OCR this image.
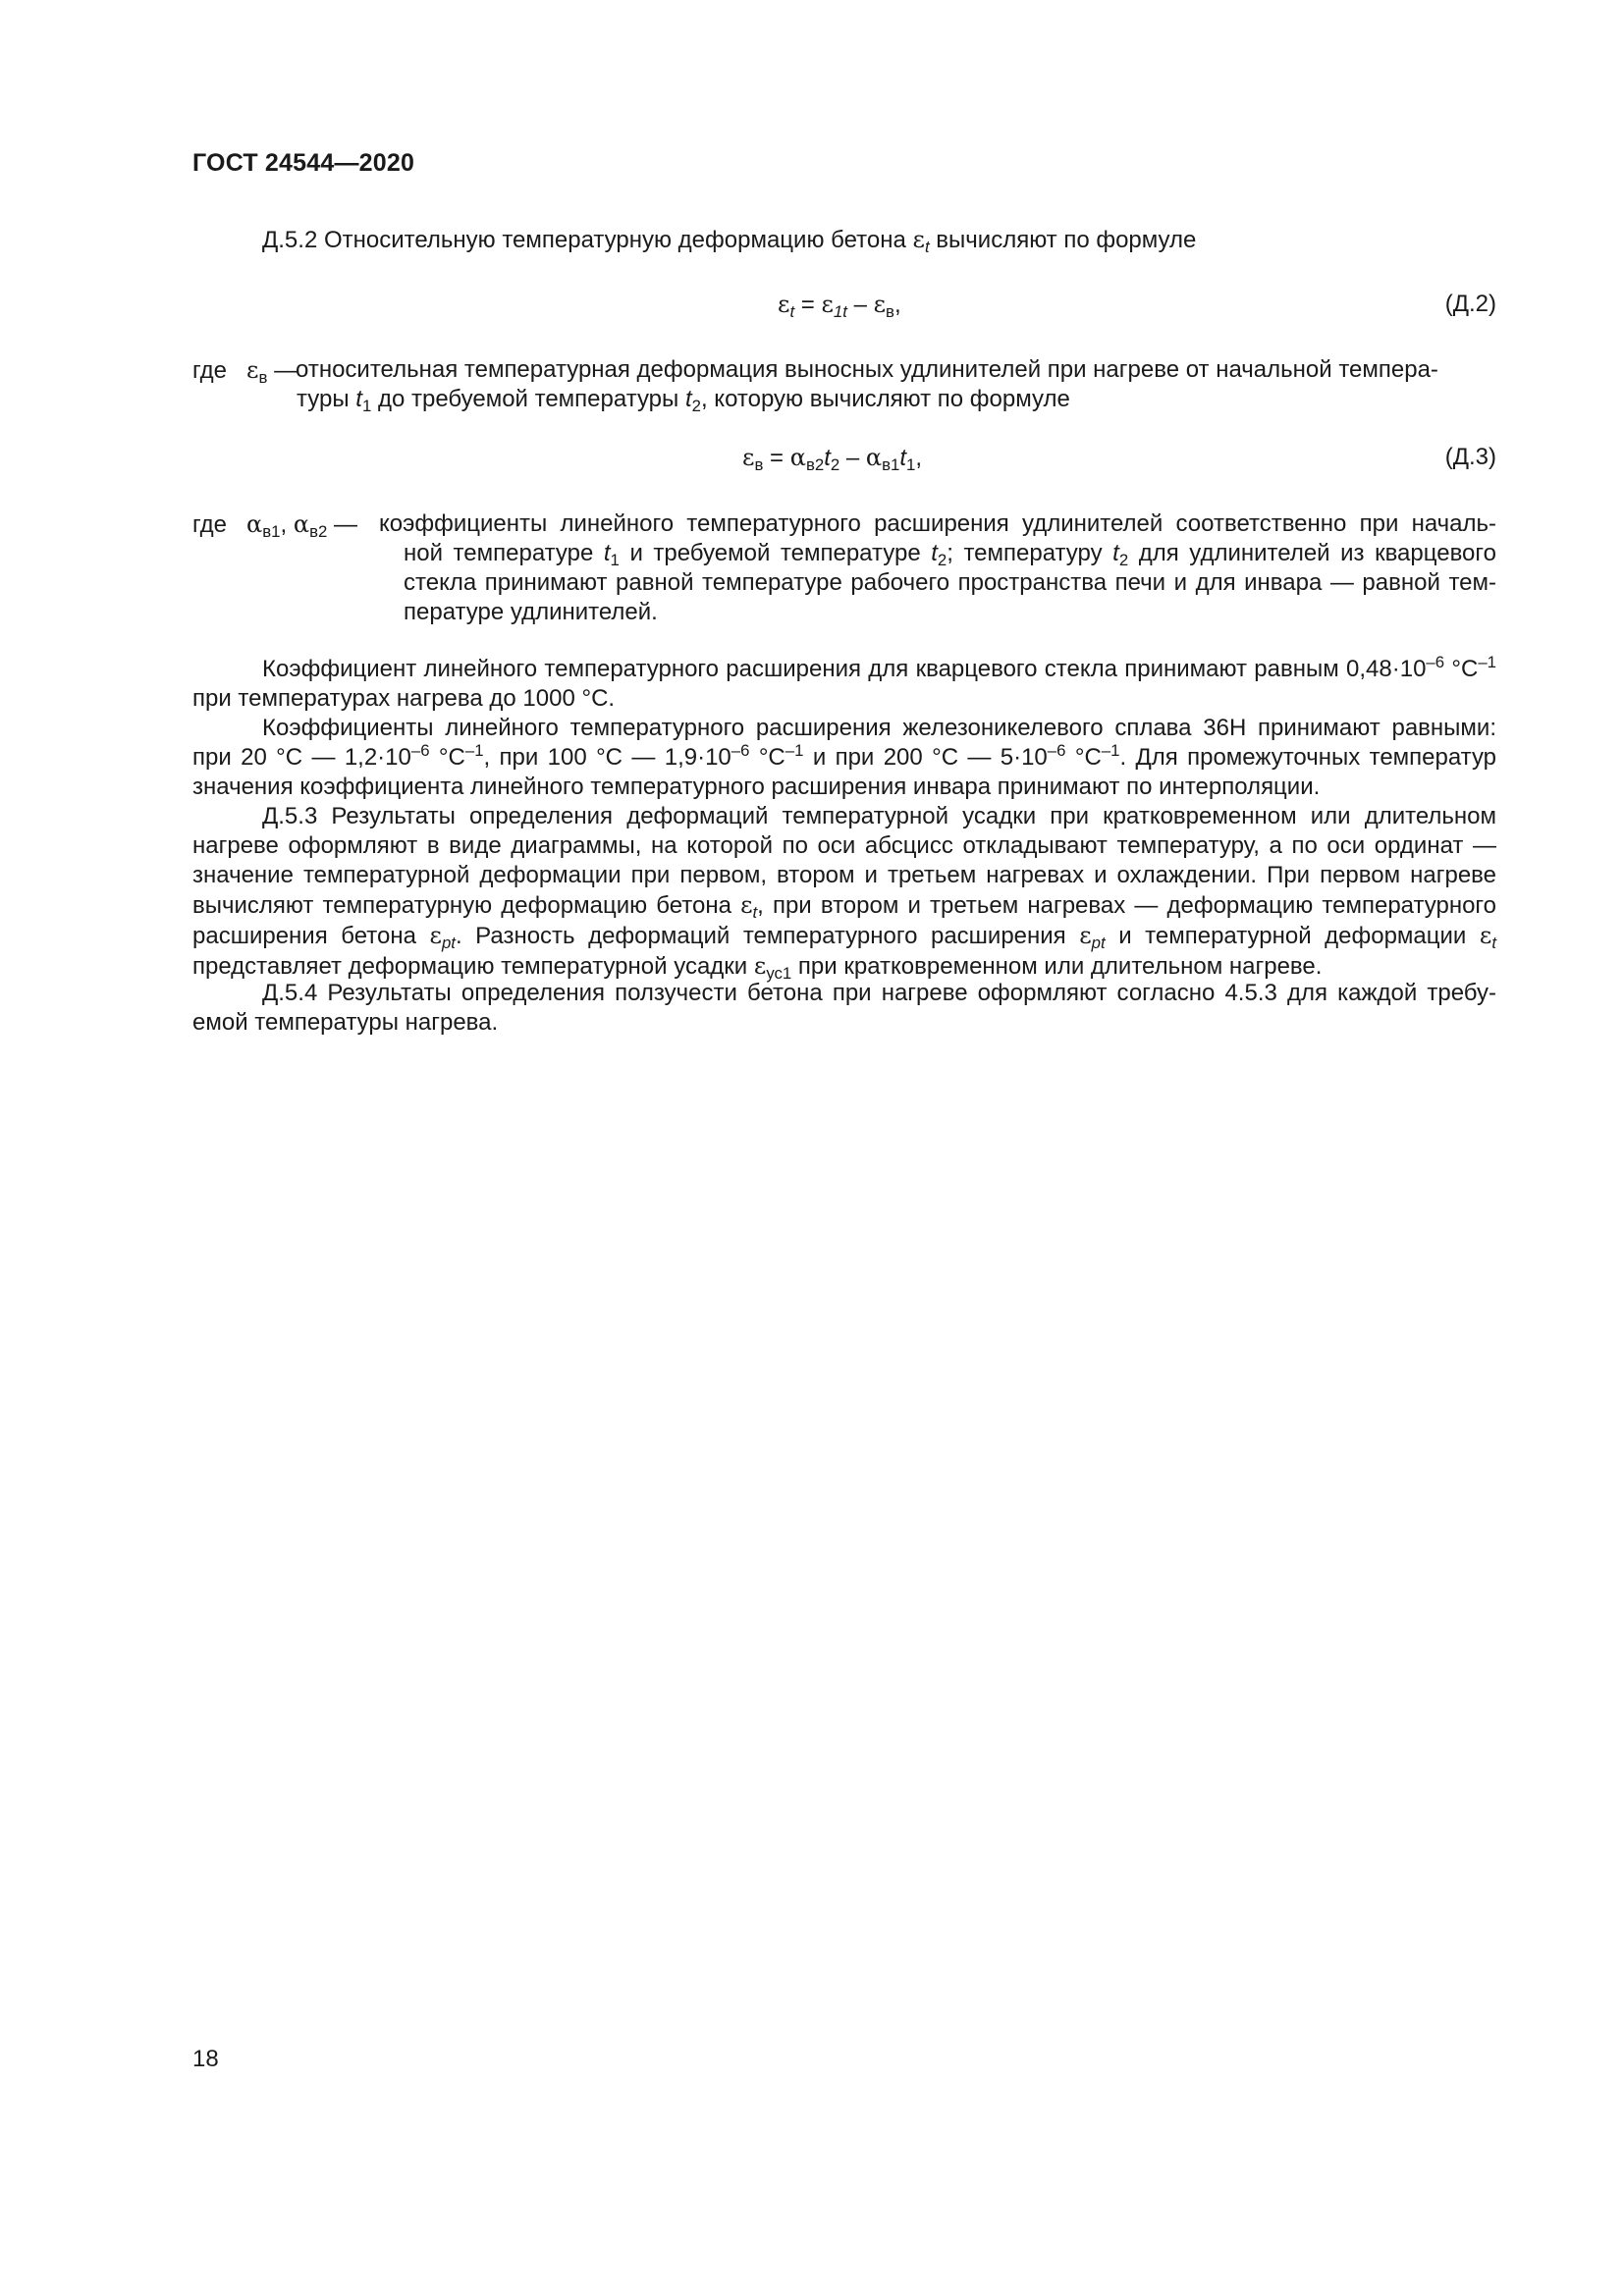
ГОСТ 24544—2020
Д.5.2 Относительную температурную деформацию бетона $\varepsilon_t$ вычисляют по формуле
$\varepsilon_t = \varepsilon_{1t} - \varepsilon_в$,	(Д.2)
где $\varepsilon_в$ —
относительная температурная деформация выносных удлинителей при нагреве от начальной темпера-
туры $t_1$ до требуемой температуры $t_2$, которую вычисляют по формуле
$\varepsilon_в = \alpha_{в2}t_2 - \alpha_{в1}t_1$,	(Д.3)
где $\alpha_{в1}$, $\alpha_{в2}$ — коэффициенты линейного температурного расширения удлинителей соответственно при началь- ной температуре $t_1$ и требуемой температуре $t_2$; температуру $t_2$ для удлинителей из кварцевого стекла принимают равной температуре рабочего пространства печи и для инвара — равной тем- пературе удлинителей.
Коэффициент линейного температурного расширения для кварцевого стекла принимают равным $0,48\cdot 10^{-6}$ $^\circ C^{-1}$ при температурах нагрева до 1000 °C.
Коэффициенты линейного температурного расширения железоникелевого сплава 36Н принимают равными: при 20 °C — $1,2\cdot 10^{-6}$ $^\circ C^{-1}$, при 100 °C — $1,9\cdot 10^{-6}$ $^\circ C^{-1}$ и при 200 °C — $5\cdot 10^{-6}$ $^\circ C^{-1}$. Для промежуточных температур значения коэффициента линейного температурного расширения инвара принимают по интерполяции.
Д.5.3 Результаты определения деформаций температурной усадки при кратковременном или длительном нагреве оформляют в виде диаграммы, на которой по оси абсцисс откладывают температуру, а по оси ординат — значение температурной деформации при первом, втором и третьем нагревах и охлаждении. При первом нагреве вычисляют температурную деформацию бетона $\varepsilon_t$, при втором и третьем нагревах — деформацию температурного расширения бетона $\varepsilon_{pt}$. Разность деформаций температурного расширения $\varepsilon_{pt}$ и температурной деформации $\varepsilon_t$ представляет деформацию температурной усадки $\varepsilon_{ус1}$ при кратковременном или длительном нагреве.
Д.5.4 Результаты определения ползучести бетона при нагреве оформляют согласно 4.5.3 для каждой требу- емой температуры нагрева.
18
